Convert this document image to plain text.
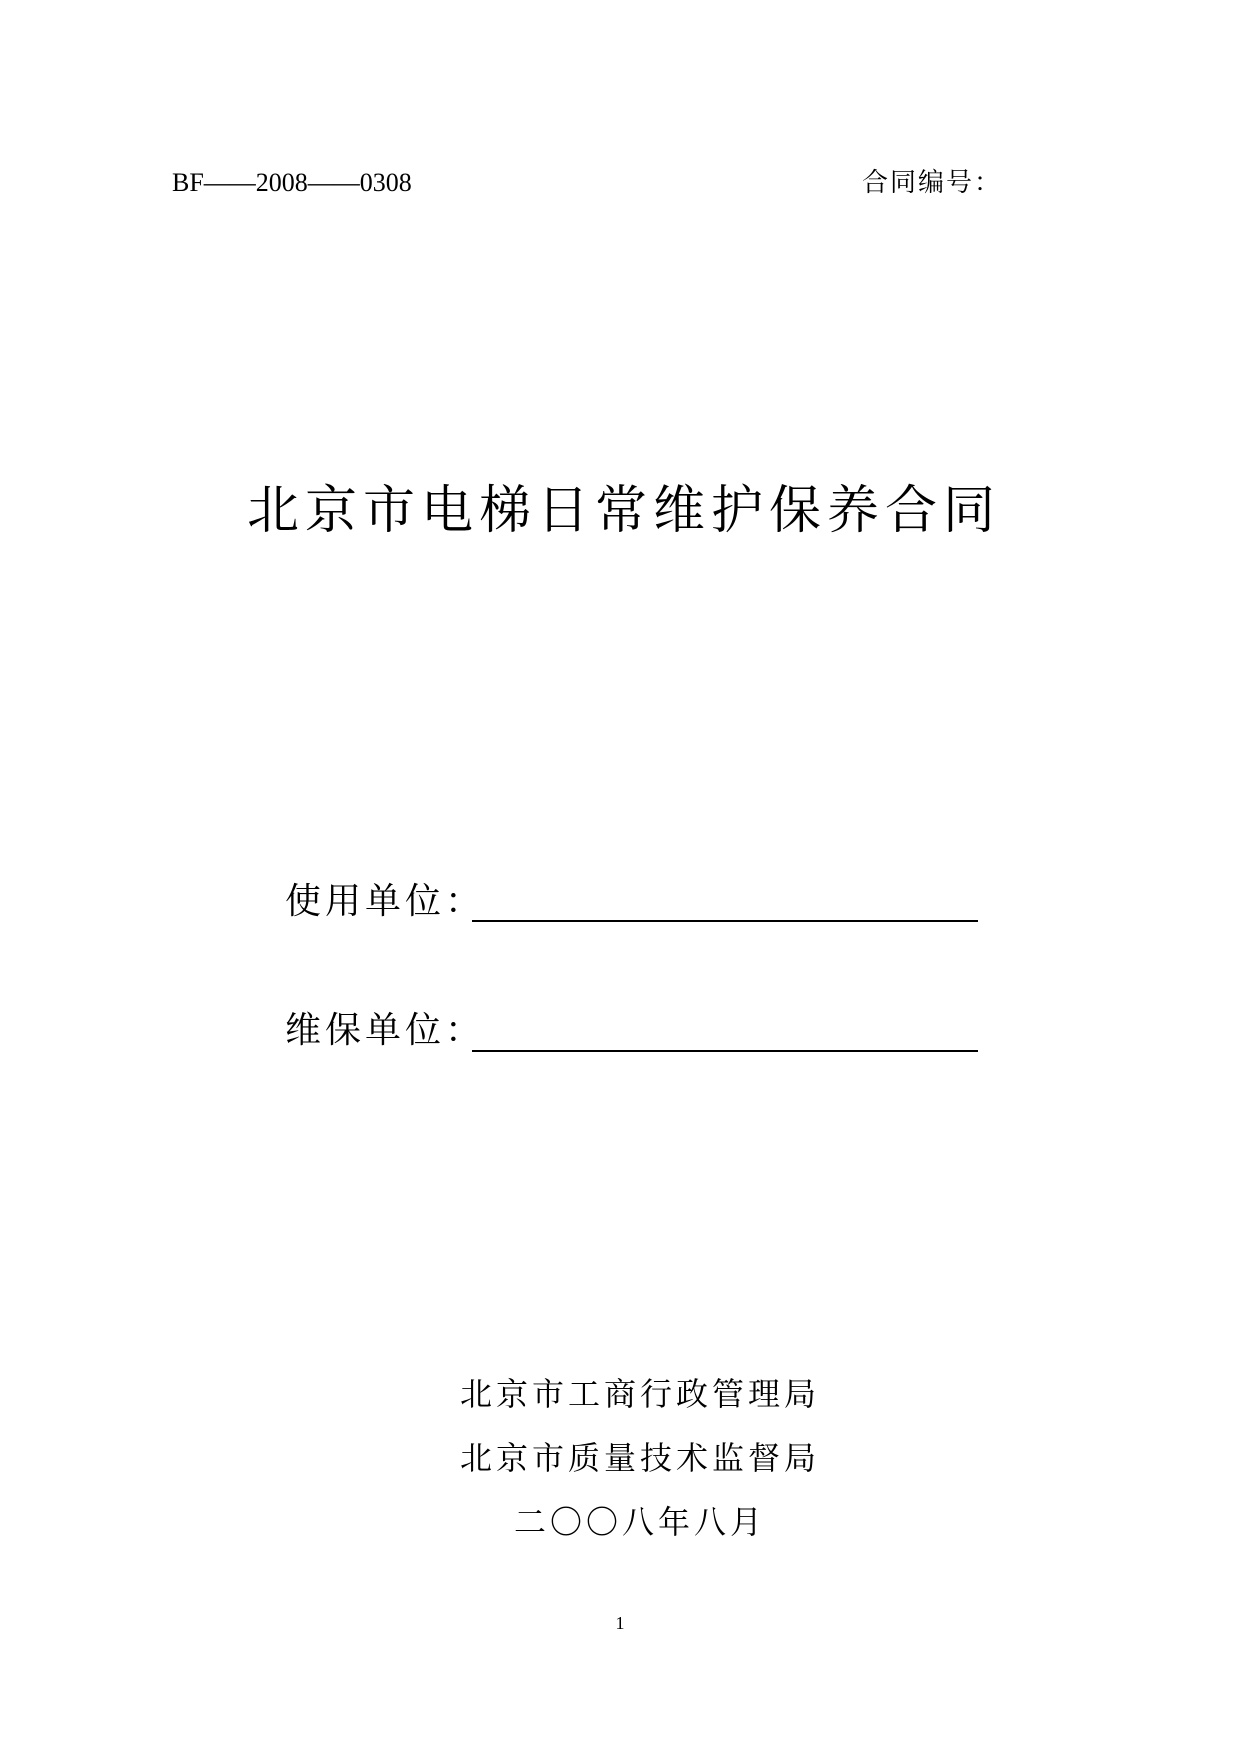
BF——2008——0308	合同编号：
北京市电梯日常维护保养合同
使用单位：
维保单位：
北京市工商行政管理局
北京市质量技术监督局
二〇〇八年八月
1
